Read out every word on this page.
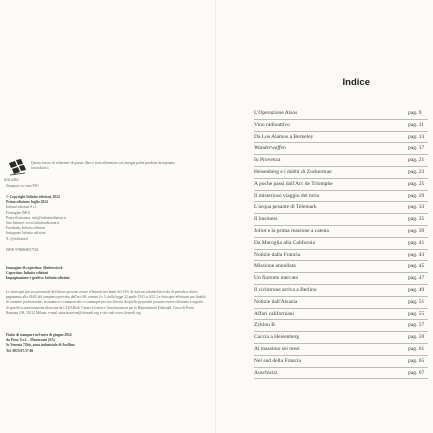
SOLARE
Questo lavoro di redazione di questo libro è stato alimentato con energia pulita prodotta da impianto fotovoltaico.
Stampato su carta FSC
© Copyright Infinito edizioni, 2024
Prima edizione: luglio 2024
Infinito edizioni S.r.l.
Formigine (MO)
Posta elettronica: info@infinitoedizioni.it
Sito Internet: www.infinitoedizioni.it
Facebook: Infinito edizioni
Instagram: Infinito edizioni
X: @infinitoed
ISBN 9788868617554
Immagine di copertina: Shutterstock
Copertina: Infinito edizioni
Impaginazione e grafica: Infinito edizioni
Le fotocopie per uso personale del lettore possono essere effettuate nei limiti del 15% di ciascun volume/fascicolo di periodico dietro pagamento alla SIAE del compenso previsto dall'art. 68, commi 4 e 5, della legge 22 aprile 1941 n. 633. Le fotocopie effettuate per finalità di carattere professionale, economico o commerciale o comunque per uso diverso da quello personale possono essere effettuate a seguito di specifica autorizzazione rilasciata da CLEARedi, Centro Licenze e Autorizzazioni per le Riproduzioni Editoriali, Corso di Porta Romana 108, 20122 Milano, e-mail autorizzazioni@clearedi.org e sito web www.clearedi.org
Finito di stampare nel mese di giugno 2024
da Press S.r.l. – Mantovani (SA)
Ss Venezia 72bis, zona industriale di Avellino
Tel. 0825/67.57.00
Indice
L'Operazione Alsos	pag. 9
Vino radioattivo	pag. 11
Da Los Alamos a Berkeley	pag. 13
Wunderwaffen	pag. 17
In Provenza	pag. 21
Heisenberg e i dubbi di Zuckerman	pag. 23
A poche passi dall'Arc de Triomphe	pag. 25
Il misterioso viaggio del torio	pag. 29
L'acqua pesante di Telemark	pag. 33
Il business	pag. 35
Joliot e la prima reazione a catena	pag. 39
Da Maroglia alla California	pag. 41
Notizie dalla Francia	pag. 43
Missione annullata	pag. 45
Un fiorente mercato	pag. 47
Il ciclotrone arriva a Berlino	pag. 49
Notizie dall'Alsazia	pag. 51
Affari californiani	pag. 55
Zyklon B	pag. 57
Caccia a Heisenberg	pag. 59
Al massimo sei mesi	pag. 61
Nel sud della Francia	pag. 65
Auschwitz	pag. 67
